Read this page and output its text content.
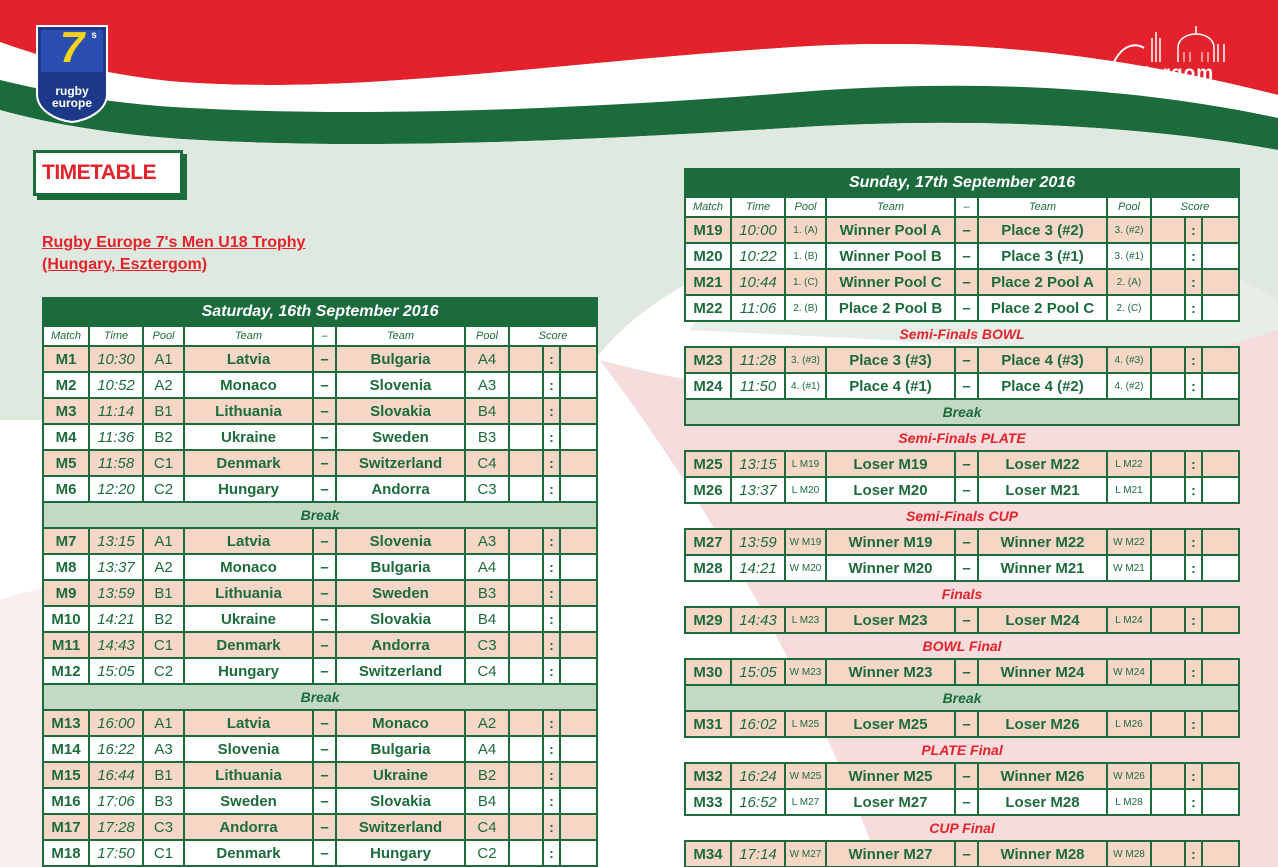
7 s
rugby
europe
Esztergom
HUNGARY
TIMETABLE
Rugby Europe 7's Men U18 Trophy
(Hungary, Esztergom)
Saturday, 16th September 2016									
Match	Time	Pool	Team	–	Team	Pool	Score		
M1	10:30	A1	Latvia	–	Bulgaria	A4		:	
M2	10:52	A2	Monaco	–	Slovenia	A3		:	
M3	11:14	B1	Lithuania	–	Slovakia	B4		:	
M4	11:36	B2	Ukraine	–	Sweden	B3		:	
M5	11:58	C1	Denmark	–	Switzerland	C4		:	
M6	12:20	C2	Hungary	–	Andorra	C3		:	
Break									
M7	13:15	A1	Latvia	–	Slovenia	A3		:	
M8	13:37	A2	Monaco	–	Bulgaria	A4		:	
M9	13:59	B1	Lithuania	–	Sweden	B3		:	
M10	14:21	B2	Ukraine	–	Slovakia	B4		:	
M11	14:43	C1	Denmark	–	Andorra	C3		:	
M12	15:05	C2	Hungary	–	Switzerland	C4		:	
Break									
M13	16:00	A1	Latvia	–	Monaco	A2		:	
M14	16:22	A3	Slovenia	–	Bulgaria	A4		:	
M15	16:44	B1	Lithuania	–	Ukraine	B2		:	
M16	17:06	B3	Sweden	–	Slovakia	B4		:	
M17	17:28	C3	Andorra	–	Switzerland	C4		:	
M18	17:50	C1	Denmark	–	Hungary	C2		:	
Sunday, 17th September 2016									
Match	Time	Pool	Team	–	Team	Pool	Score		
M19	10:00	1. (A)	Winner Pool A	–	Place 3 (#2)	3. (#2)		:	
M20	10:22	1. (B)	Winner Pool B	–	Place 3 (#1)	3. (#1)		:	
M21	10:44	1. (C)	Winner Pool C	–	Place 2 Pool A	2. (A)		:	
M22	11:06	2. (B)	Place 2 Pool B	–	Place 2 Pool C	2. (C)		:	
Semi-Finals BOWL									
M23	11:28	3. (#3)	Place 3 (#3)	–	Place 4 (#3)	4. (#3)		:	
M24	11:50	4. (#1)	Place 4 (#1)	–	Place 4 (#2)	4. (#2)		:	
Break									
Semi-Finals PLATE									
M25	13:15	L M19	Loser M19	–	Loser M22	L M22		:	
M26	13:37	L M20	Loser M20	–	Loser M21	L M21		:	
Semi-Finals CUP									
M27	13:59	W M19	Winner M19	–	Winner M22	W M22		:	
M28	14:21	W M20	Winner M20	–	Winner M21	W M21		:	
Finals									
M29	14:43	L M23	Loser M23	–	Loser M24	L M24		:	
BOWL Final									
M30	15:05	W M23	Winner M23	–	Winner M24	W M24		:	
Break									
M31	16:02	L M25	Loser M25	–	Loser M26	L M26		:	
PLATE Final									
M32	16:24	W M25	Winner M25	–	Winner M26	W M26		:	
M33	16:52	L M27	Loser M27	–	Loser M28	L M28		:	
CUP Final									
M34	17:14	W M27	Winner M27	–	Winner M28	W M28		:	
